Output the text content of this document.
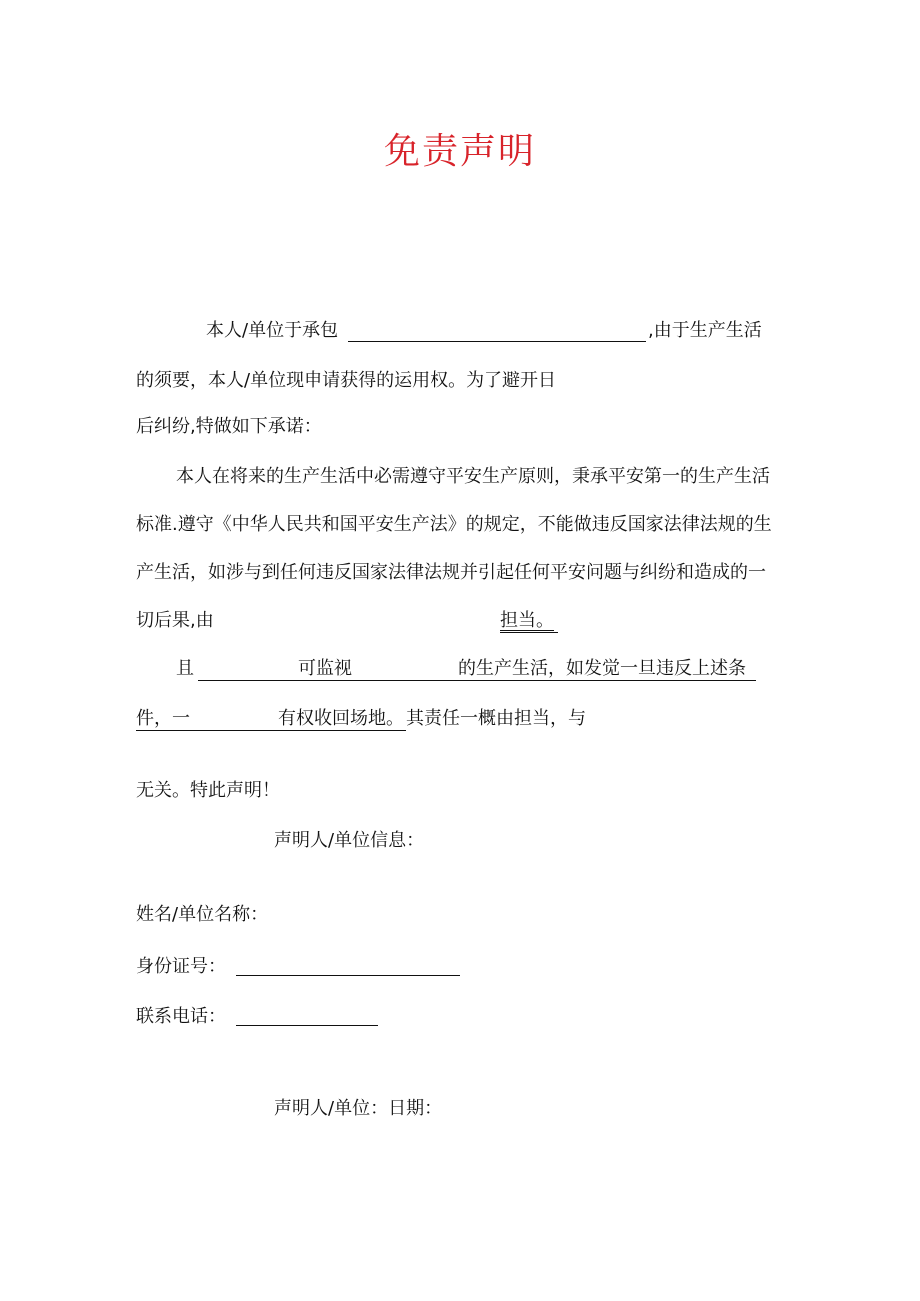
免责声明
本人/单位于承包	,由于生产生活
的须要，本人/单位现申请获得的运用权。为了避开日
后纠纷,特做如下承诺：
本人在将来的生产生活中必需遵守平安生产原则，秉承平安第一的生产生活
标准.遵守《中华人民共和国平安生产法》的规定，不能做违反国家法律法规的生
产生活，如涉与到任何违反国家法律法规并引起任何平安问题与纠纷和造成的一
切后果,由	担当。
且	可监视	的生产生活，如发觉一旦违反上述条
件，一	有权收回场地。 其责任一概由担当，与
无关。特此声明！
声明人/单位信息：
姓名/单位名称：
身份证号：
联系电话：
声明人/单位：日期：
